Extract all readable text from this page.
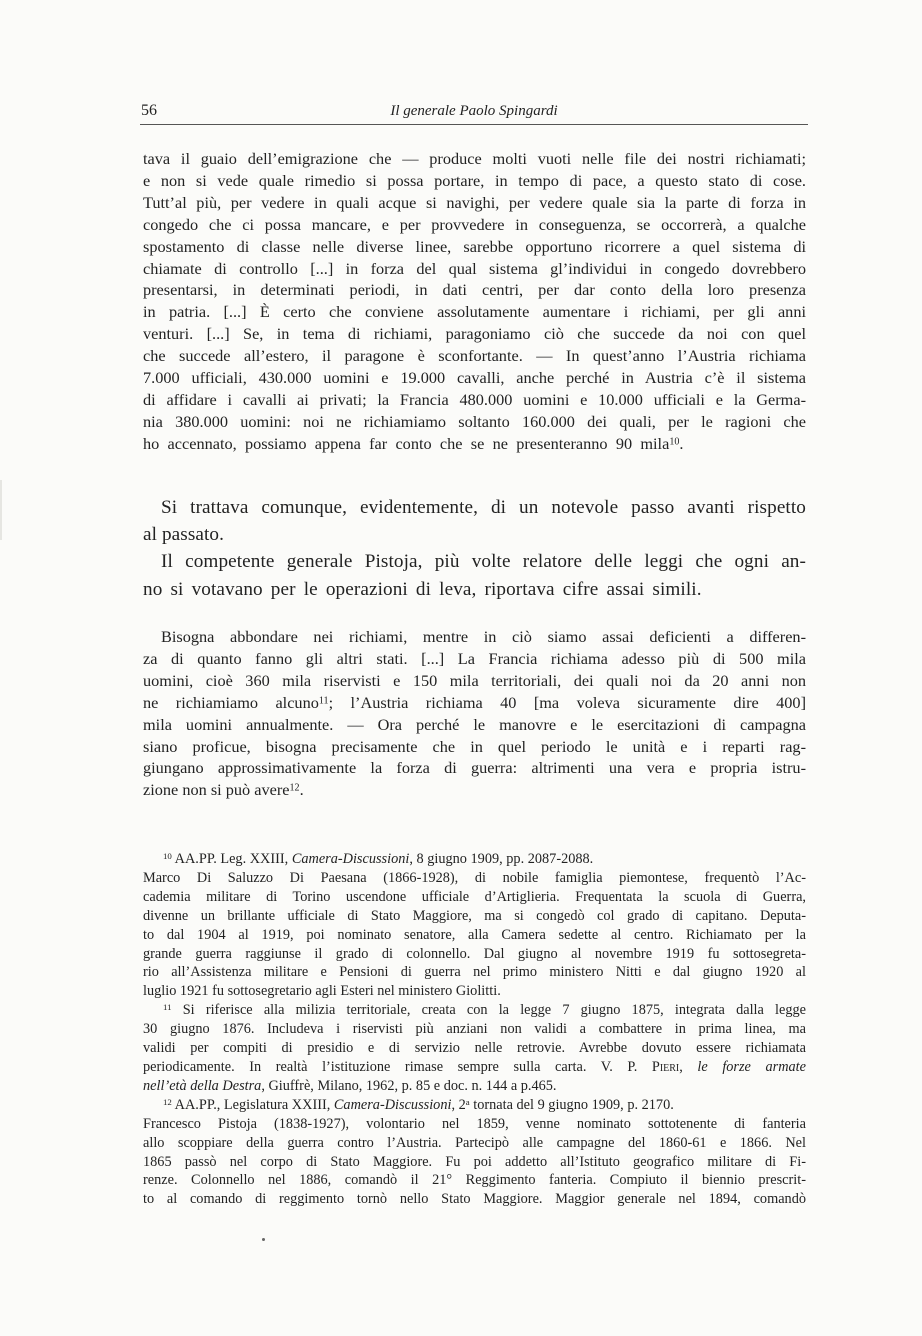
56	Il generale Paolo Spingardi
tava il guaio dell’emigrazione che — produce molti vuoti nelle file dei nostri richiamati;
e non si vede quale rimedio si possa portare, in tempo di pace, a questo stato di cose.
Tutt’al più, per vedere in quali acque si navighi, per vedere quale sia la parte di forza in
congedo che ci possa mancare, e per provvedere in conseguenza, se occorrerà, a qualche
spostamento di classe nelle diverse linee, sarebbe opportuno ricorrere a quel sistema di
chiamate di controllo [...] in forza del qual sistema gl’individui in congedo dovrebbero
presentarsi, in determinati periodi, in dati centri, per dar conto della loro presenza
in patria. [...] È certo che conviene assolutamente aumentare i richiami, per gli anni
venturi. [...] Se, in tema di richiami, paragoniamo ciò che succede da noi con quel
che succede all’estero, il paragone è sconfortante. — In quest’anno l’Austria richiama
7.000 ufficiali, 430.000 uomini e 19.000 cavalli, anche perché in Austria c’è il sistema
di affidare i cavalli ai privati; la Francia 480.000 uomini e 10.000 ufficiali e la Germa-
nia 380.000 uomini: noi ne richiamiamo soltanto 160.000 dei quali, per le ragioni che
ho accennato, possiamo appena far conto che se ne presenteranno 90 mila$^{10}$.
Si trattava comunque, evidentemente, di un notevole passo avanti rispetto
al passato.
Il competente generale Pistoja, più volte relatore delle leggi che ogni an-
no si votavano per le operazioni di leva, riportava cifre assai simili.
Bisogna abbondare nei richiami, mentre in ciò siamo assai deficienti a differen-
za di quanto fanno gli altri stati. [...] La Francia richiama adesso più di 500 mila
uomini, cioè 360 mila riservisti e 150 mila territoriali, dei quali noi da 20 anni non
ne richiamiamo alcuno$^{11}$; l’Austria richiama 40 [ma voleva sicuramente dire 400]
mila uomini annualmente. — Ora perché le manovre e le esercitazioni di campagna
siano proficue, bisogna precisamente che in quel periodo le unità e i reparti rag-
giungano approssimativamente la forza di guerra: altrimenti una vera e propria istru-
zione non si può avere$^{12}$.
$^{10}$ AA.PP. Leg. XXIII, Camera-Discussioni, 8 giugno 1909, pp. 2087-2088.
Marco Di Saluzzo Di Paesana (1866-1928), di nobile famiglia piemontese, frequentò l’Ac-
cademia militare di Torino uscendone ufficiale d’Artiglieria. Frequentata la scuola di Guerra,
divenne un brillante ufficiale di Stato Maggiore, ma si congedò col grado di capitano. Deputa-
to dal 1904 al 1919, poi nominato senatore, alla Camera sedette al centro. Richiamato per la
grande guerra raggiunse il grado di colonnello. Dal giugno al novembre 1919 fu sottosegreta-
rio all’Assistenza militare e Pensioni di guerra nel primo ministero Nitti e dal giugno 1920 al
luglio 1921 fu sottosegretario agli Esteri nel ministero Giolitti.
$^{11}$ Si riferisce alla milizia territoriale, creata con la legge 7 giugno 1875, integrata dalla legge
30 giugno 1876. Includeva i riservisti più anziani non validi a combattere in prima linea, ma
validi per compiti di presidio e di servizio nelle retrovie. Avrebbe dovuto essere richiamata
periodicamente. In realtà l’istituzione rimase sempre sulla carta. V. P. Pieri, le forze armate
nell’età della Destra, Giuffrè, Milano, 1962, p. 85 e doc. n. 144 a p.465.
$^{12}$ AA.PP., Legislatura XXIII, Camera-Discussioni, 2$^a$ tornata del 9 giugno 1909, p. 2170.
Francesco Pistoja (1838-1927), volontario nel 1859, venne nominato sottotenente di fanteria
allo scoppiare della guerra contro l’Austria. Partecipò alle campagne del 1860-61 e 1866. Nel
1865 passò nel corpo di Stato Maggiore. Fu poi addetto all’Istituto geografico militare di Fi-
renze. Colonnello nel 1886, comandò il 21° Reggimento fanteria. Compiuto il biennio prescrit-
to al comando di reggimento tornò nello Stato Maggiore. Maggior generale nel 1894, comandò
